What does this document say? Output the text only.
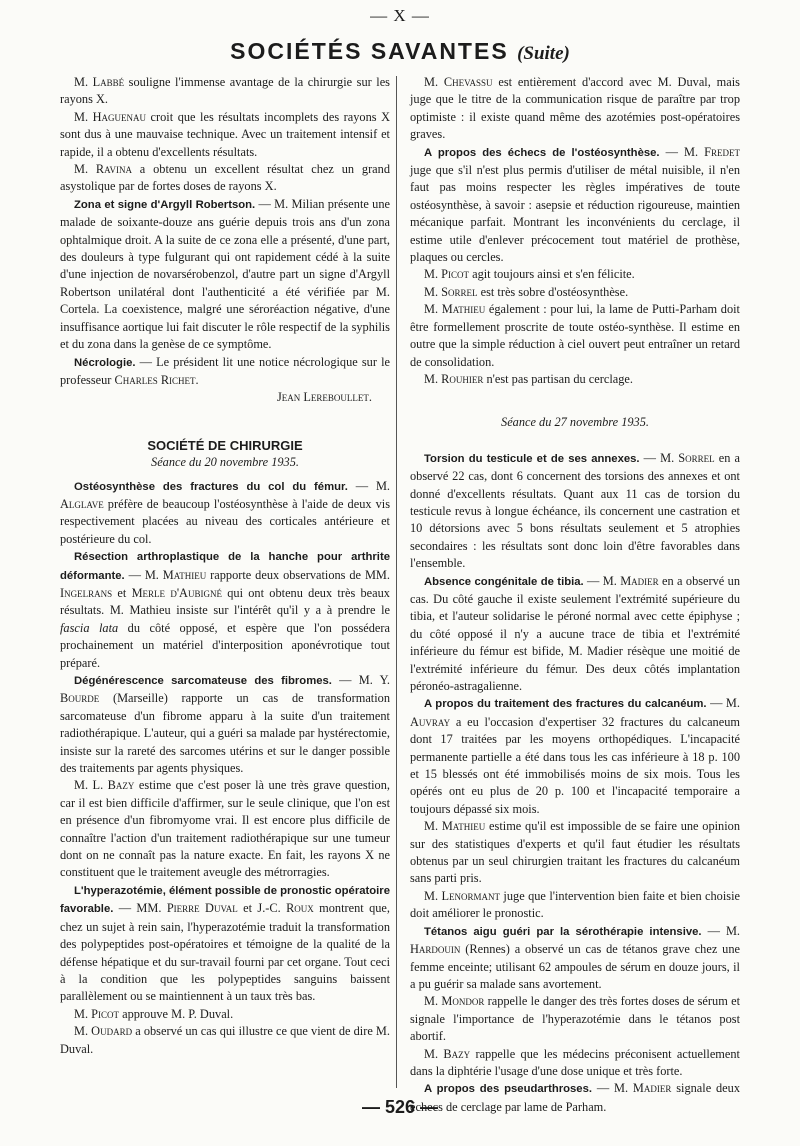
— X —
SOCIÉTÉS SAVANTES (Suite)

M. Labbé souligne l'immense avantage de la chirurgie sur les rayons X.

M. Haguenau croit que les résultats incomplets des rayons X sont dus à une mauvaise technique. Avec un traitement intensif et rapide, il a obtenu d'excellents résultats.

M. Ravina a obtenu un excellent résultat chez un grand asystolique par de fortes doses de rayons X.

Zona et signe d'Argyll Robertson. — M. Milian présente une malade de soixante-douze ans guérie depuis trois ans d'un zona ophtalmique droit. A la suite de ce zona elle a présenté, d'une part, des douleurs à type fulgurant qui ont rapidement cédé à la suite d'une injection de novarsérobenzol, d'autre part un signe d'Argyll Robertson unilatéral dont l'authenticité a été vérifiée par M. Cortela. La coexistence, malgré une séroréaction négative, d'une insuffisance aortique lui fait discuter le rôle respectif de la syphilis et du zona dans la genèse de ce symptôme.

Nécrologie. — Le président lit une notice nécrologique sur le professeur Charles Richet.

Jean Lereboullet.

SOCIÉTÉ DE CHIRURGIE

Séance du 20 novembre 1935.

Ostéosynthèse des fractures du col du fémur. — M. Alglave préfère de beaucoup l'ostéosynthèse à l'aide de deux vis respectivement placées au niveau des corticales antérieure et postérieure du col.

Résection arthroplastique de la hanche pour arthrite déformante. — M. Mathieu rapporte deux observations de MM. Ingelrans et Merle d'Aubigné qui ont obtenu deux très beaux résultats. M. Mathieu insiste sur l'intérêt qu'il y a à prendre le fascia lata du côté opposé, et espère que l'on possédera prochainement un matériel d'interposition aponévrotique tout préparé.

Dégénérescence sarcomateuse des fibromes. — M. Y. Bourde (Marseille) rapporte un cas de transformation sarcomateuse d'un fibrome apparu à la suite d'un traitement radiothérapique. L'auteur, qui a guéri sa malade par hystérectomie, insiste sur la rareté des sarcomes utérins et sur le danger possible des traitements par agents physiques.

M. L. Bazy estime que c'est poser là une très grave question, car il est bien difficile d'affirmer, sur le seule clinique, que l'on est en présence d'un fibromyome vrai. Il est encore plus difficile de connaître l'action d'un traitement radiothérapique sur une tumeur dont on ne connaît pas la nature exacte. En fait, les rayons X ne constituent que le traitement aveugle des métrorragies.

L'hyperazotémie, élément possible de pronostic opératoire favorable. — MM. Pierre Duval et J.-C. Roux montrent que, chez un sujet à rein sain, l'hyperazotémie traduit la transformation des polypeptides post-opératoires et témoigne de la qualité de la défense hépatique et du sur-travail fourni par cet organe. Tout ceci à la condition que les polypeptides sanguins baissent parallèlement ou se maintiennent à un taux très bas.

M. Picot approuve M. P. Duval.

M. Oudard a observé un cas qui illustre ce que vient de dire M. Duval.

M. Chevassu est entièrement d'accord avec M. Duval, mais juge que le titre de la communication risque de paraître par trop optimiste : il existe quand même des azotémies post-opératoires graves.

A propos des échecs de l'ostéosynthèse. — M. Fredet juge que s'il n'est plus permis d'utiliser de métal nuisible, il n'en faut pas moins respecter les règles impératives de toute ostéosynthèse, à savoir : asepsie et réduction rigoureuse, maintien mécanique parfait. Montrant les inconvénients du cerclage, il estime utile d'enlever précocement tout matériel de prothèse, plaques ou cercles.

M. Picot agit toujours ainsi et s'en félicite.

M. Sorrel est très sobre d'ostéosynthèse.

M. Mathieu également : pour lui, la lame de Putti-Parham doit être formellement proscrite de toute ostéo-synthèse. Il estime en outre que la simple réduction à ciel ouvert peut entraîner un retard de consolidation.

M. Rouhier n'est pas partisan du cerclage.

Séance du 27 novembre 1935.

Torsion du testicule et de ses annexes. — M. Sorrel en a observé 22 cas, dont 6 concernent des torsions des annexes et ont donné d'excellents résultats. Quant aux 11 cas de torsion du testicule revus à longue échéance, ils concernent une castration et 10 détorsions avec 5 bons résultats seulement et 5 atrophies secondaires : les résultats sont donc loin d'être favorables dans l'ensemble.

Absence congénitale de tibia. — M. Madier en a observé un cas. Du côté gauche il existe seulement l'extrémité supérieure du tibia, et l'auteur solidarise le péroné normal avec cette épiphyse ; du côté opposé il n'y a aucune trace de tibia et l'extrémité inférieure du fémur est bifide, M. Madier résèque une moitié de l'extrémité inférieure du fémur. Des deux côtés implantation péronéo-astragalienne.

A propos du traitement des fractures du calcanéum. — M. Auvray a eu l'occasion d'expertiser 32 fractures du calcaneum dont 17 traitées par les moyens orthopédiques. L'incapacité permanente partielle a été dans tous les cas inférieure à 18 p. 100 et 15 blessés ont été immobilisés moins de six mois. Tous les opérés ont eu plus de 20 p. 100 et l'incapacité temporaire a toujours dépassé six mois.

M. Mathieu estime qu'il est impossible de se faire une opinion sur des statistiques d'experts et qu'il faut étudier les résultats obtenus par un seul chirurgien traitant les fractures du calcanéum sans parti pris.

M. Lenormant juge que l'intervention bien faite et bien choisie doit améliorer le pronostic.

Tétanos aigu guéri par la sérothérapie intensive. — M. Hardouin (Rennes) a observé un cas de tétanos grave chez une femme enceinte; utilisant 62 ampoules de sérum en douze jours, il a pu guérir sa malade sans avortement.

M. Mondor rappelle le danger des très fortes doses de sérum et signale l'importance de l'hyperazotémie dans le tétanos post abortif.

M. Bazy rappelle que les médecins préconisent actuellement dans la diphtérie l'usage d'une dose unique et très forte.

A propos des pseudarthroses. — M. Madier signale deux échecs de cerclage par lame de Parham.

— 526 —
